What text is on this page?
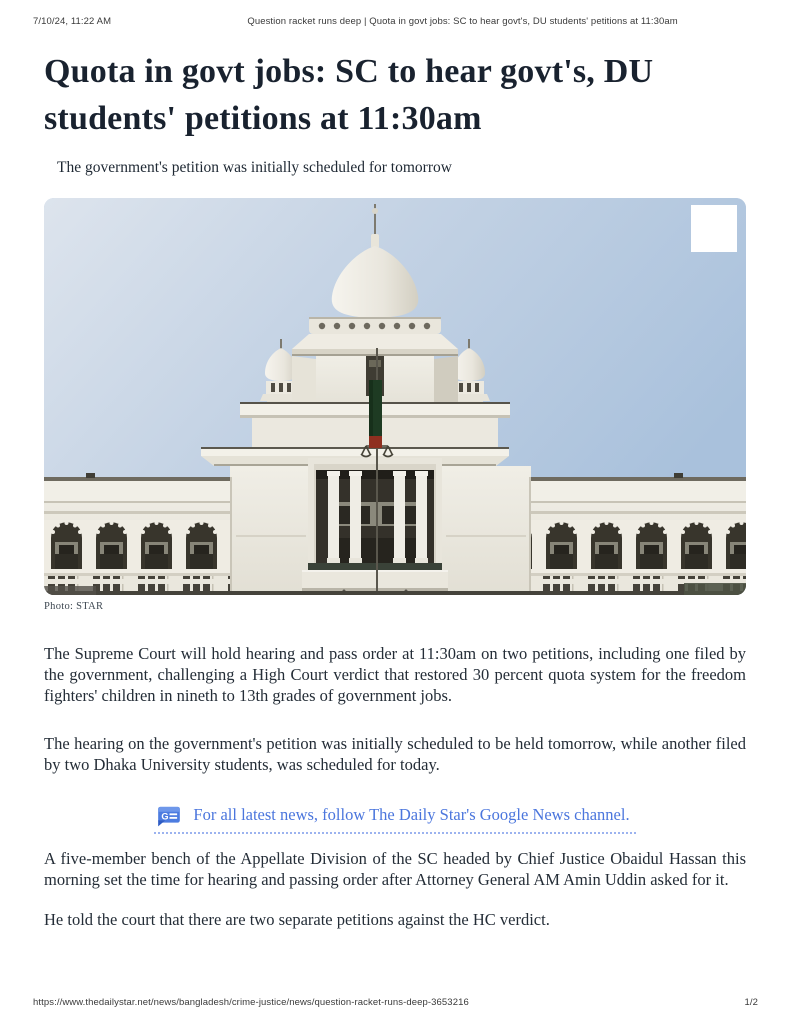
7/10/24, 11:22 AM	Question racket runs deep | Quota in govt jobs: SC to hear govt's, DU students' petitions at 11:30am
Quota in govt jobs: SC to hear govt's, DU students' petitions at 11:30am

The government's petition was initially scheduled for tomorrow

Photo: STAR

The Supreme Court will hold hearing and pass order at 11:30am on two petitions, including one filed by the government, challenging a High Court verdict that restored 30 percent quota system for the freedom fighters' children in nineth to 13th grades of government jobs.

The hearing on the government's petition was initially scheduled to be held tomorrow, while another filed by two Dhaka University students, was scheduled for today.

G For all latest news, follow The Daily Star's Google News channel.

A five-member bench of the Appellate Division of the SC headed by Chief Justice Obaidul Hassan this morning set the time for hearing and passing order after Attorney General AM Amin Uddin asked for it.

He told the court that there are two separate petitions against the HC verdict.

https://www.thedailystar.net/news/bangladesh/crime-justice/news/question-racket-runs-deep-3653216	1/2
